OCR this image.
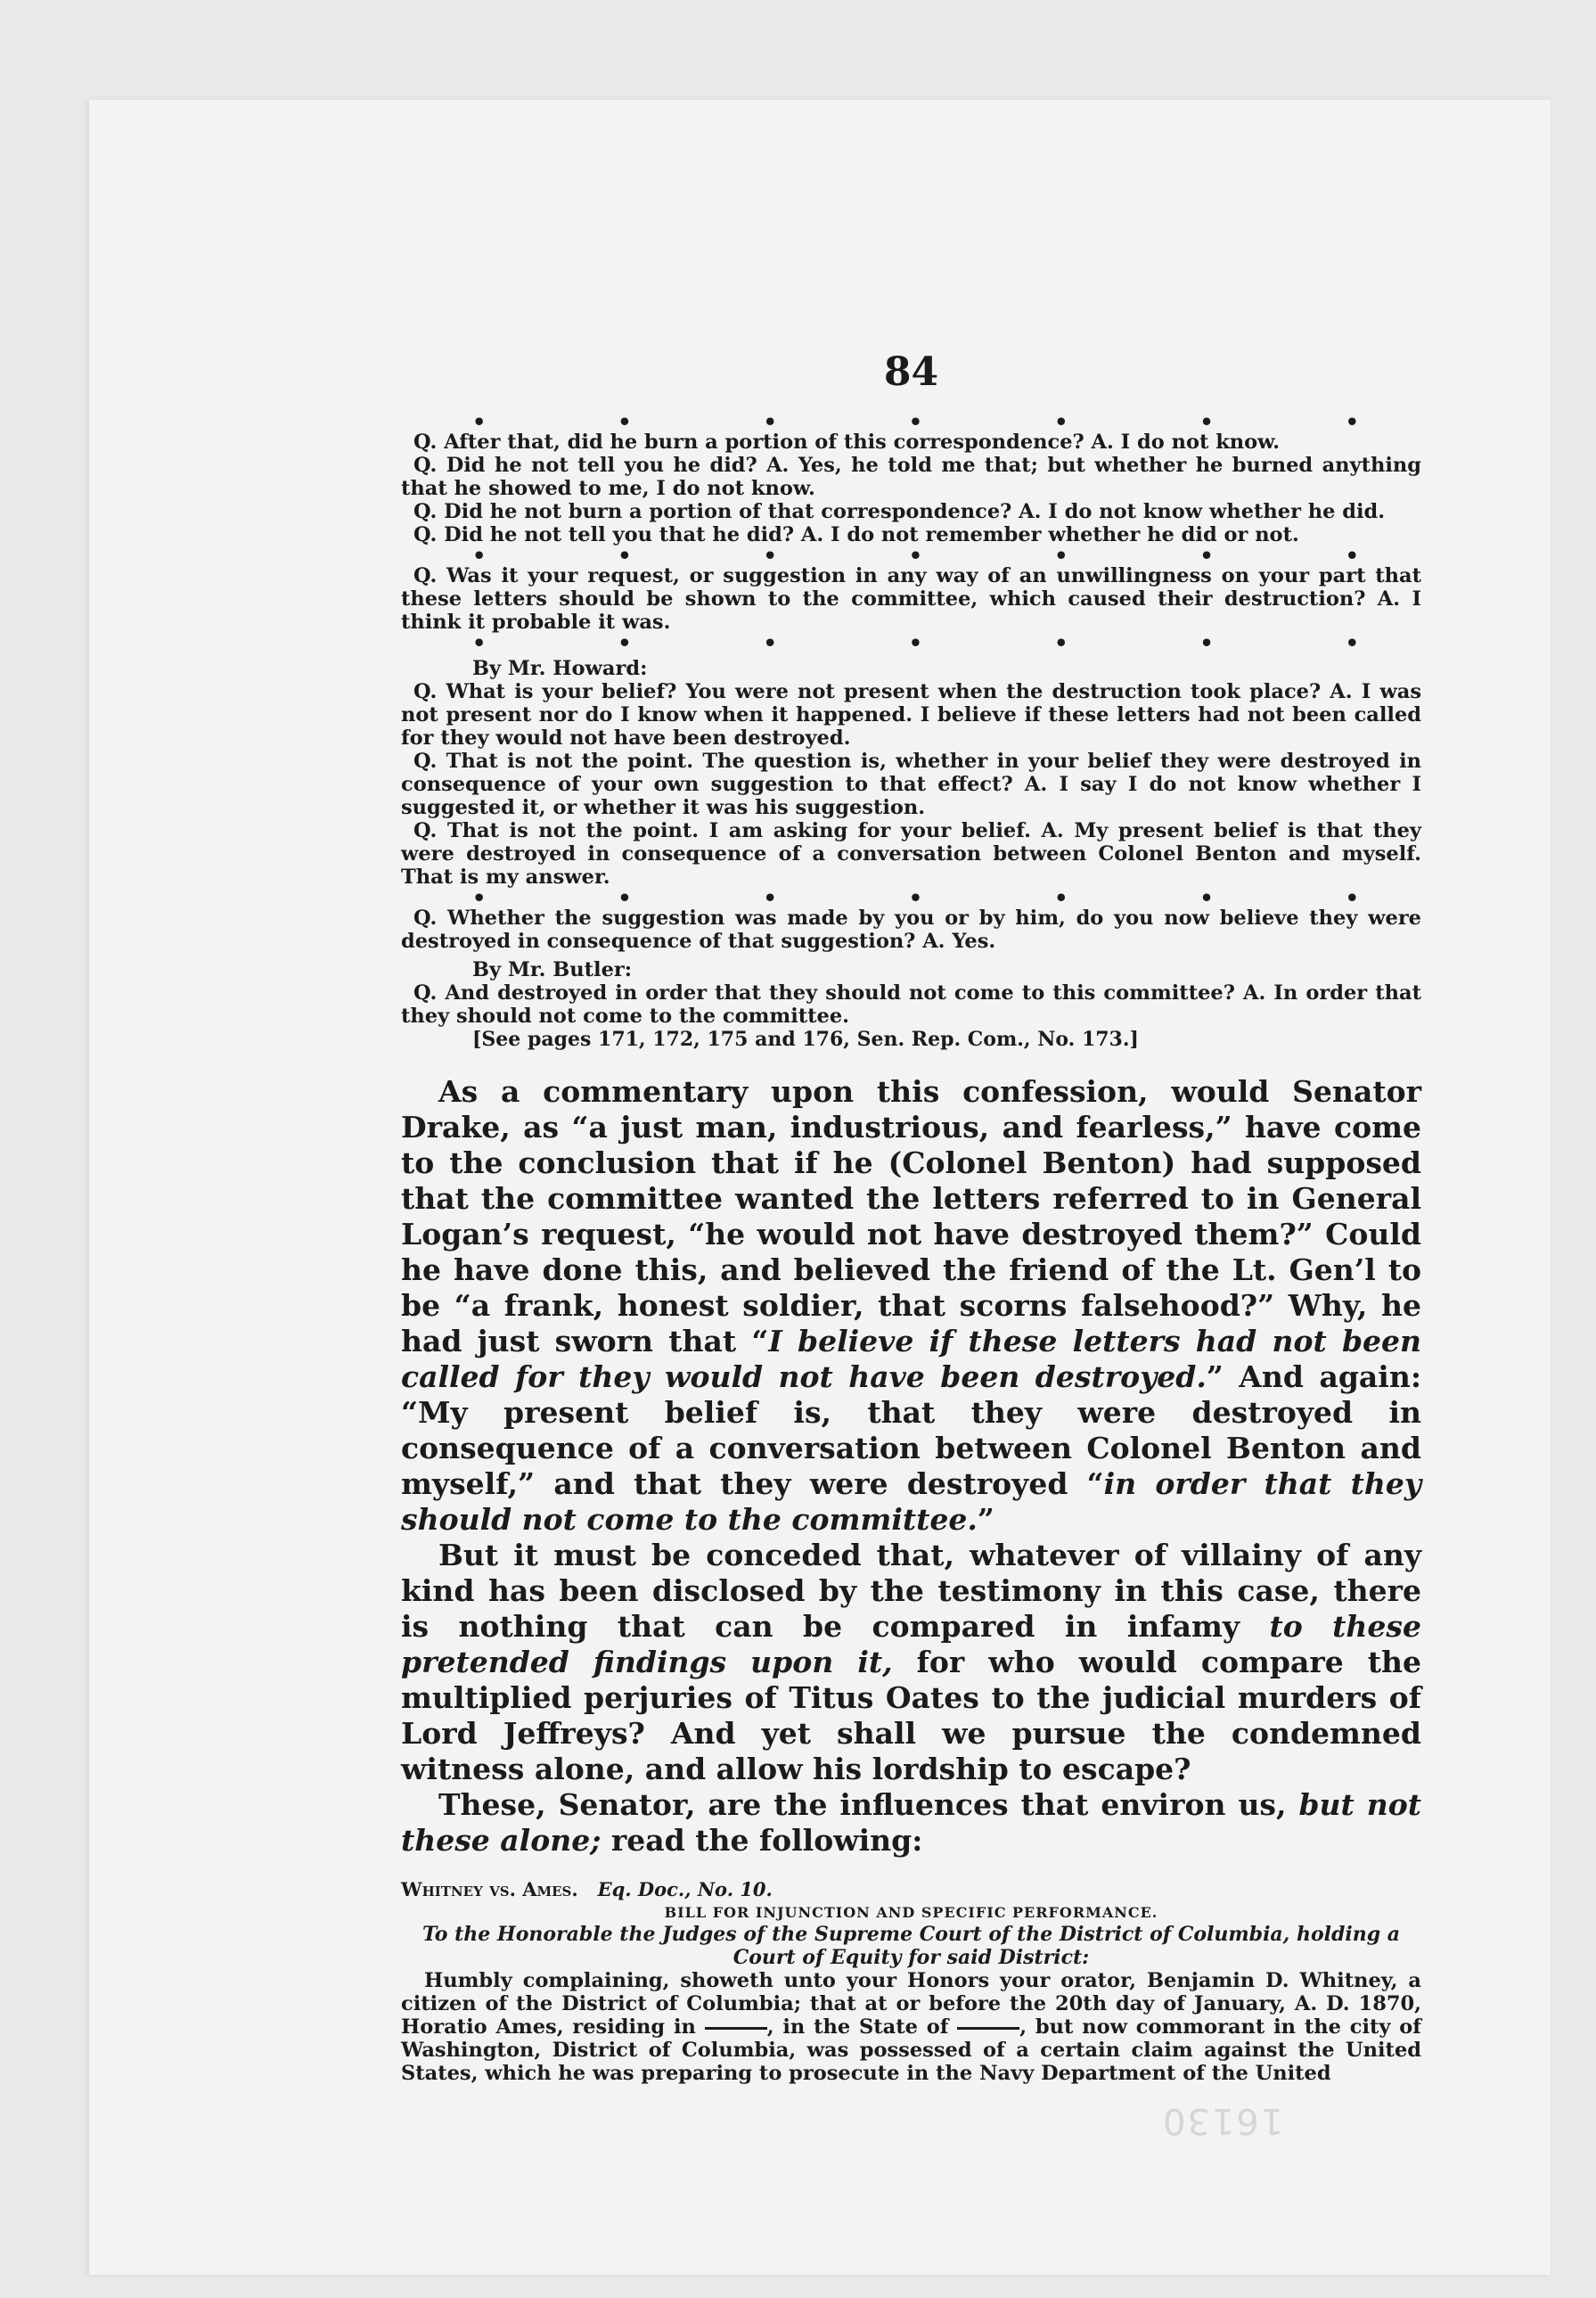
84
•	•	•	•	•	•	•

Q. After that, did he burn a portion of this correspondence? A. I do not know.

Q. Did he not tell you he did? A. Yes, he told me that; but whether he burned anything that he showed to me, I do not know.

Q. Did he not burn a portion of that correspondence? A. I do not know whether he did.

Q. Did he not tell you that he did? A. I do not remember whether he did or not.

•	•	•	•	•	•	•

Q. Was it your request, or suggestion in any way of an unwillingness on your part that these letters should be shown to the committee, which caused their destruction? A. I think it probable it was.

•	•	•	•	•	•	•

By Mr. Howard:

Q. What is your belief? You were not present when the destruction took place? A. I was not present nor do I know when it happened. I believe if these letters had not been called for they would not have been destroyed.

Q. That is not the point. The question is, whether in your belief they were destroyed in consequence of your own suggestion to that effect? A. I say I do not know whether I suggested it, or whether it was his suggestion.

Q. That is not the point. I am asking for your belief. A. My present belief is that they were destroyed in consequence of a conversation between Colonel Benton and myself. That is my answer.

•	•	•	•	•	•	•

Q. Whether the suggestion was made by you or by him, do you now believe they were destroyed in consequence of that suggestion? A. Yes.

By Mr. Butler:

Q. And destroyed in order that they should not come to this committee? A. In order that they should not come to the committee.

[See pages 171, 172, 175 and 176, Sen. Rep. Com., No. 173.]

As a commentary upon this confession, would Senator Drake, as “a just man, industrious, and fearless,” have come to the conclusion that if he (Colonel Benton) had supposed that the committee wanted the letters referred to in General Logan’s request, “he would not have destroyed them?” Could he have done this, and believed the friend of the Lt. Gen’l to be “a frank, honest soldier, that scorns falsehood?” Why, he had just sworn that “I believe if these letters had not been called for they would not have been destroyed.” And again: “My present belief is, that they were destroyed in consequence of a conversation between Colonel Benton and myself,” and that they were destroyed “in order that they should not come to the committee.”

But it must be conceded that, whatever of villainy of any kind has been disclosed by the testimony in this case, there is nothing that can be compared in infamy to these pretended findings upon it, for who would compare the multiplied perjuries of Titus Oates to the judicial murders of Lord Jeffreys? And yet shall we pursue the condemned witness alone, and allow his lordship to escape?

These, Senator, are the influences that environ us, but not these alone; read the following:

Whitney vs. Ames. Eq. Doc., No. 10.

BILL FOR INJUNCTION AND SPECIFIC PERFORMANCE.
To the Honorable the Judges of the Supreme Court of the District of Columbia, holding a Court of Equity for said District:

Humbly complaining, showeth unto your Honors your orator, Benjamin D. Whitney, a citizen of the District of Columbia; that at or before the 20th day of January, A. D. 1870, Horatio Ames, residing in	, in the State of	, but now commorant in the city of Washington, District of Columbia, was possessed of a certain claim against the United States, which he was preparing to prosecute in the Navy Department of the United

16130
